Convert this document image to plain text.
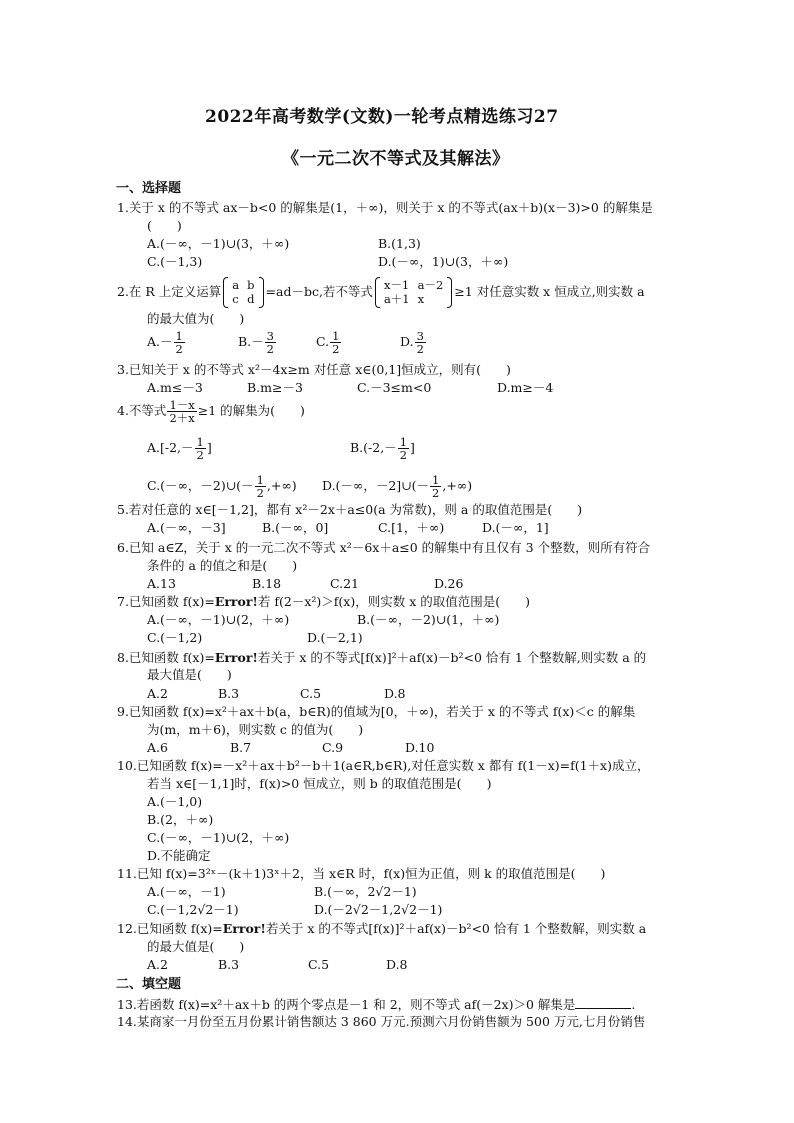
2022年高考数学(文数)一轮考点精选练习27
《一元二次不等式及其解法》
一、选择题
1.关于 x 的不等式 ax－b<0 的解集是(1，＋∞)，则关于 x 的不等式(ax＋b)(x－3)>0 的解集是
(　　)
A.(－∞，－1)∪(3，＋∞)	B.(1,3)
C.(－1,3)	D.(－∞，1)∪(3，＋∞)
2.在 R 上定义运算 a	b
c	d
=ad－bc,若不等式 x－1	a－2
a＋1	x
≥1 对任意实数 x 恒成立,则实数 a
的最大值为(　　)
$A.- \frac{1}{2}$	$B.- \frac{3}{2}$	C. $\frac{1}{2}$	D. $\frac{3}{2}$
3.已知关于 x 的不等式 x²－4x≥m 对任意 x∈(0,1]恒成立，则有(　　)
A.m≤－3	B.m≥－3	C.－3≤m<0	D.m≥－4
4.不等式 $\frac{1-x}{2+x} \ge 1$ 的解集为(　　)
$A.[-2,- \frac{1}{2}$ ]	$B.(-2,- \frac{1}{2}$ ]
C.(－∞，－2)∪(－ $\frac{1}{2}$ ,+∞) D.(－∞，－2]∪(－ $\frac{1}{2}$ ,+∞)
5.若对任意的 x∈[－1,2]，都有 x²－2x＋a≤0(a 为常数)，则 a 的取值范围是(　　)
A.(－∞，－3]	B.(－∞，0]	C.[1，＋∞)	D.(－∞，1]
6.已知 a∈Z，关于 x 的一元二次不等式 x²－6x＋a≤0 的解集中有且仅有 3 个整数，则所有符合
条件的 a 的值之和是(　　)
A.13	B.18	C.21	D.26
7.已知函数 f(x)=Error!若 f(2－x²)＞f(x)，则实数 x 的取值范围是(　　)
A.(－∞，－1)∪(2，＋∞)	B.(－∞，－2)∪(1，＋∞)
C.(－1,2)	D.(－2,1)
8.已知函数 f(x)=Error!若关于 x 的不等式[f(x)]²＋af(x)－b²<0 恰有 1 个整数解,则实数 a 的
最大值是(　　)
A.2	B.3	C.5	D.8
9.已知函数 f(x)=x²＋ax＋b(a，b∈R)的值域为[0，＋∞)，若关于 x 的不等式 f(x)＜c 的解集
为(m，m＋6)，则实数 c 的值为(　　)
A.6	B.7	C.9	D.10
10.已知函数 f(x)=－x²＋ax＋b²－b＋1(a∈R,b∈R),对任意实数 x 都有 f(1－x)=f(1＋x)成立，
若当 x∈[－1,1]时，f(x)>0 恒成立，则 b 的取值范围是(　　)
A.(－1,0)
B.(2，＋∞)
C.(－∞，－1)∪(2，＋∞)
D.不能确定
11.已知 f(x)=3²ˣ－(k＋1)3ˣ＋2，当 x∈R 时，f(x)恒为正值，则 k 的取值范围是(　　)
A.(－∞，－1)	B.(－∞，2√2－1)
C.(－1,2√2－1)	D.(－2√2－1,2√2－1)
12.已知函数 f(x)=Error!若关于 x 的不等式[f(x)]²＋af(x)－b²<0 恰有 1 个整数解，则实数 a
的最大值是(　　)
A.2	B.3	C.5	D.8
二、填空题
13.若函数 f(x)=x²＋ax＋b 的两个零点是－1 和 2，则不等式 af(－2x)＞0 解集是	.
14.某商家一月份至五月份累计销售额达 3 860 万元.预测六月份销售额为 500 万元,七月份销售
